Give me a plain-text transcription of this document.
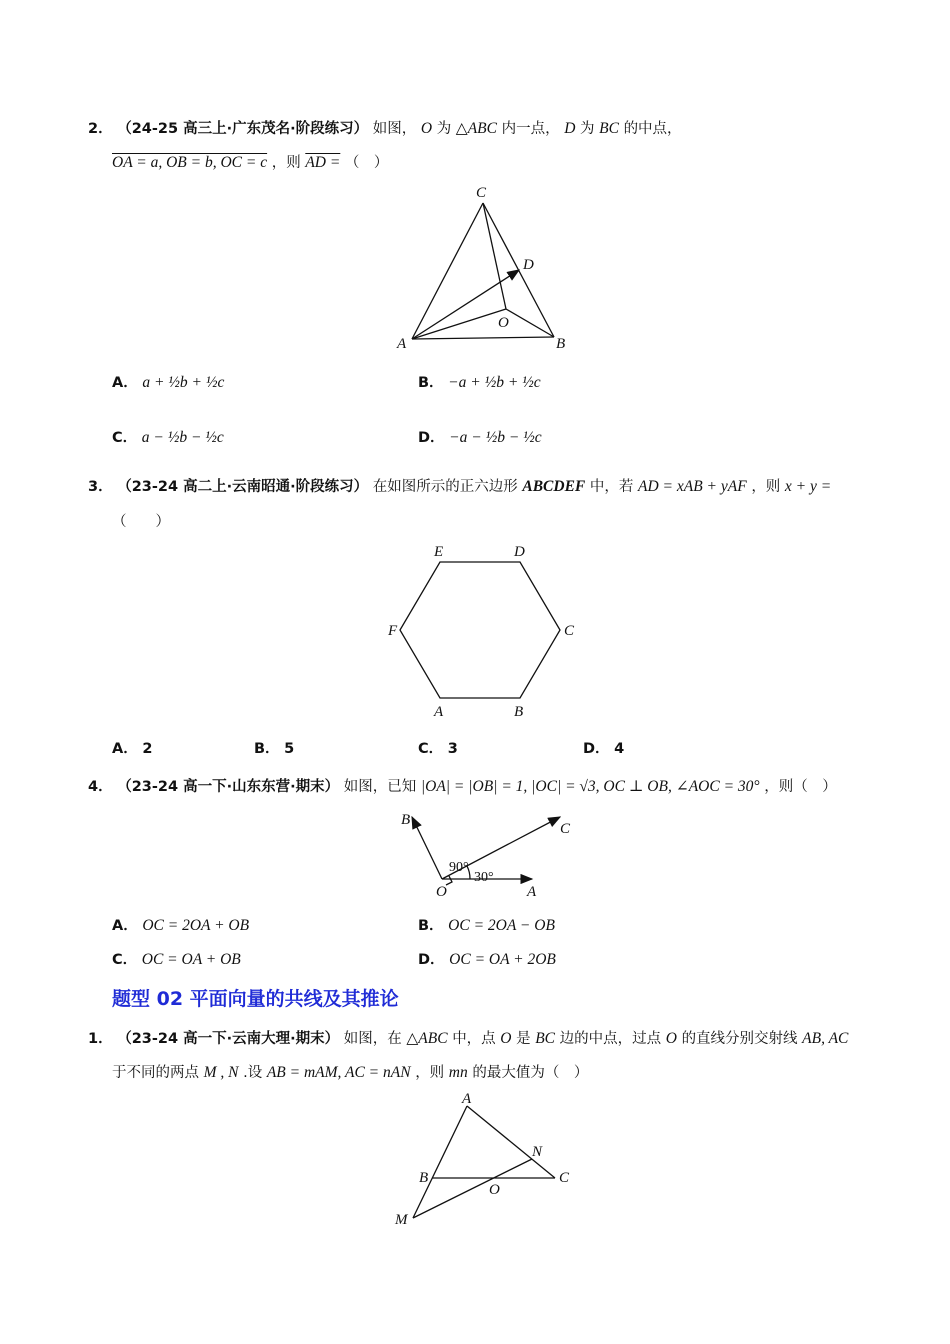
2． （24-25 高三上·广东茂名·阶段练习） 如图， O 为 △ABC 内一点， D 为 BC 的中点，
OA = a, OB = b, OC = c ，则 AD = （　）
C
D
O
A	B
A． a + ½b + ½c	B． −a + ½b + ½c
C． a − ½b − ½c	D． −a − ½b − ½c
3． （23-24 高二上·云南昭通·阶段练习） 在如图所示的正六边形 ABCDEF 中，若 AD = xAB + yAF ，则 x + y =
（　　）
E	D
F	C
A	B
A． 2	B． 5	C． 3	D． 4
4． （23-24 高一下·山东东营·期末） 如图，已知 |OA| = |OB| = 1, |OC| = √3, OC ⊥ OB, ∠AOC = 30° ，则（　）
B
C
O	A
90°
30°
A． OC = 2OA + OB	B． OC = 2OA − OB
C． OC = OA + OB	D． OC = OA + 2OB
题型 02 平面向量的共线及其推论
1． （23-24 高一下·云南大理·期末） 如图，在 △ABC 中，点 O 是 BC 边的中点，过点 O 的直线分别交射线 AB, AC
于不同的两点 M , N .设 AB = mAM, AC = nAN ，则 mn 的最大值为（　）
A
N
B
O
C
M
